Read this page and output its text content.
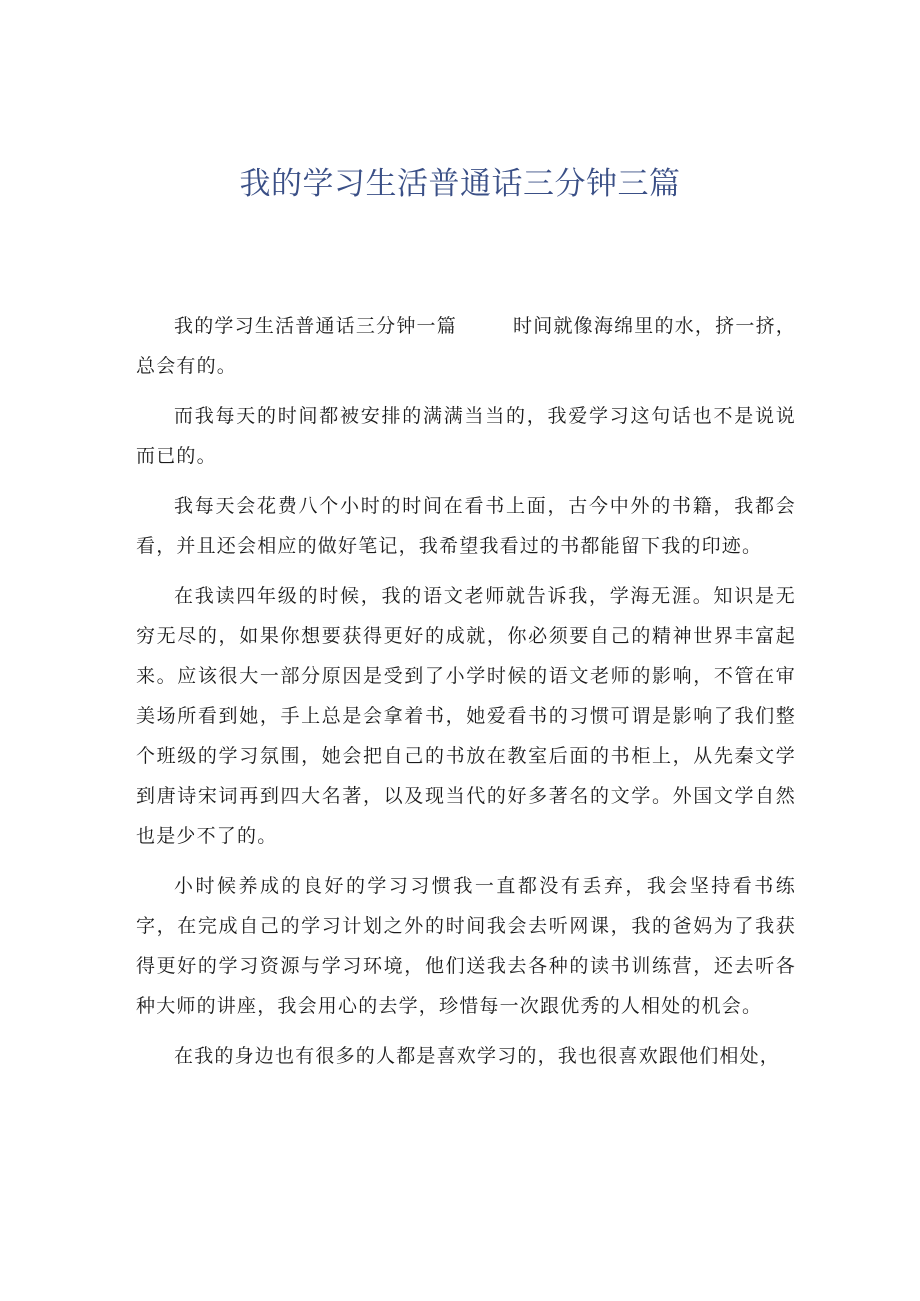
我的学习生活普通话三分钟三篇

我的学习生活普通话三分钟一篇	时间就像海绵里的水，挤一挤，总会有的。

而我每天的时间都被安排的满满当当的，我爱学习这句话也不是说说而已的。

我每天会花费八个小时的时间在看书上面，古今中外的书籍，我都会看，并且还会相应的做好笔记，我希望我看过的书都能留下我的印迹。

在我读四年级的时候，我的语文老师就告诉我，学海无涯。知识是无穷无尽的，如果你想要获得更好的成就，你必须要自己的精神世界丰富起来。应该很大一部分原因是受到了小学时候的语文老师的影响，不管在审美场所看到她，手上总是会拿着书，她爱看书的习惯可谓是影响了我们整个班级的学习氛围，她会把自己的书放在教室后面的书柜上，从先秦文学到唐诗宋词再到四大名著，以及现当代的好多著名的文学。外国文学自然也是少不了的。

小时候养成的良好的学习习惯我一直都没有丢弃，我会坚持看书练字，在完成自己的学习计划之外的时间我会去听网课，我的爸妈为了我获得更好的学习资源与学习环境，他们送我去各种的读书训练营，还去听各种大师的讲座，我会用心的去学，珍惜每一次跟优秀的人相处的机会。

在我的身边也有很多的人都是喜欢学习的，我也很喜欢跟他们相处，
